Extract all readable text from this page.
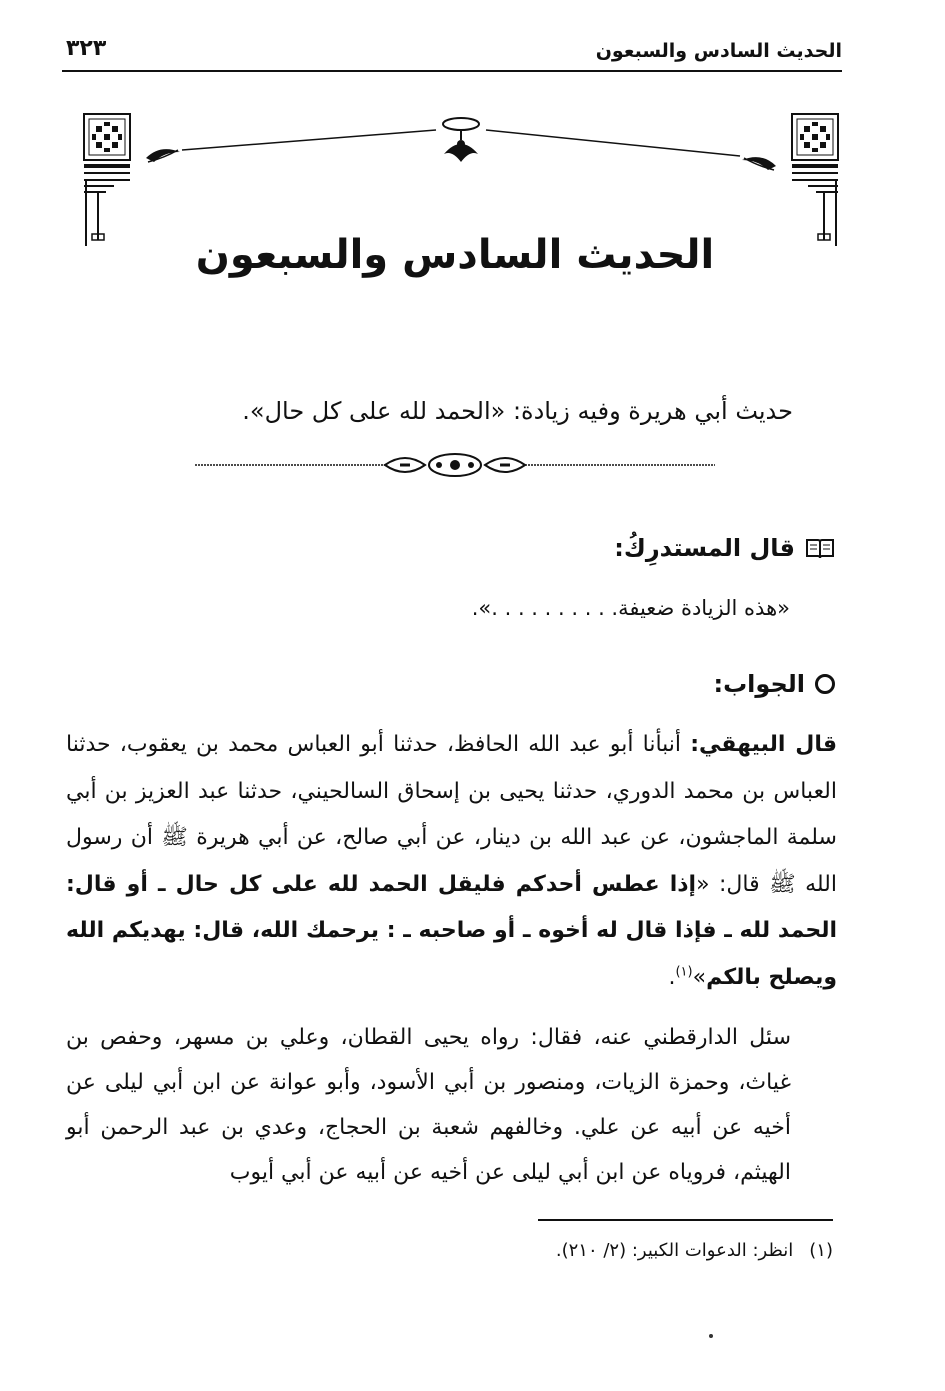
الحديث السادس والسبعون
٣٢٣
الحديث السادس والسبعون
حديث أبي هريرة وفيه زيادة: «الحمد لله على كل حال».
قال المستدرِكُ:
«هذه الزيادة ضعيفة. . . . . . . . . .».
الجواب:
قال البيهقي: أنبأنا أبو عبد الله الحافظ، حدثنا أبو العباس محمد بن يعقوب، حدثنا العباس بن محمد الدوري، حدثنا يحيى بن إسحاق السالحيني، حدثنا عبد العزيز بن أبي سلمة الماجشون، عن عبد الله بن دينار، عن أبي صالح، عن أبي هريرة ﷺ أن رسول الله ﷺ قال: «إذا عطس أحدكم فليقل الحمد لله على كل حال ـ أو قال: الحمد لله ـ فإذا قال له أخوه ـ أو صاحبه ـ : يرحمك الله، قال: يهديكم الله ويصلح بالكم»$^{(١)}$.
سئل الدارقطني عنه، فقال: رواه يحيى القطان، وعلي بن مسهر، وحفص بن غياث، وحمزة الزيات، ومنصور بن أبي الأسود، وأبو عوانة عن ابن أبي ليلى عن أخيه عن أبيه عن علي. وخالفهم شعبة بن الحجاج، وعدي بن عبد الرحمن أبو الهيثم، فروياه عن ابن أبي ليلى عن أخيه عن أبيه عن أبي أيوب
(١)
انظر: الدعوات الكبير: (٢/ ٢١٠).
